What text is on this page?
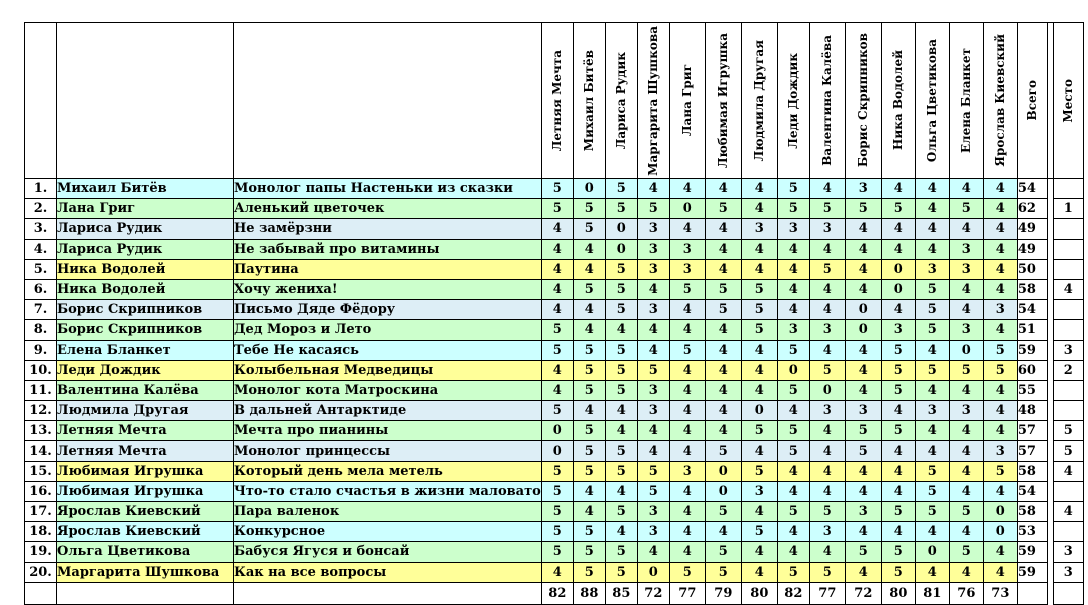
			Летняя Мечта	Михаил Битёв	Лариса Рудик	Маргарита Шушкова	Лана Григ	Любимая Игрушка	Людмила Другая	Леди Дождик	Валентина Калёва	Борис Скрипников	Ника Водолей	Ольга Цветикова	Елена Бланкет	Ярослав Киевский	Всего		Место

1.	Михаил Битёв	Монолог папы Настеньки из сказки	5	0	5	4	4	4	4	5	4	3	4	4	4	4	54		
2.	Лана Григ	Аленький цветочек	5	5	5	5	0	5	4	5	5	5	5	4	5	4	62		1
3.	Лариса Рудик	Не замёрзни	4	5	0	3	4	4	3	3	3	4	4	4	4	4	49		
4.	Лариса Рудик	Не забывай про витамины	4	4	0	3	3	4	4	4	4	4	4	4	3	4	49		
5.	Ника Водолей	Паутина	4	4	5	3	3	4	4	4	5	4	0	3	3	4	50		
6.	Ника Водолей	Хочу жениха!	4	5	5	4	5	5	5	4	4	4	0	5	4	4	58		4
7.	Борис Скрипников	Письмо Дяде Фёдору	4	4	5	3	4	5	5	4	4	0	4	5	4	3	54		
8.	Борис Скрипников	Дед Мороз и Лето	5	4	4	4	4	4	5	3	3	0	3	5	3	4	51		
9.	Елена Бланкет	Тебе Не касаясь	5	5	5	4	5	4	4	5	4	4	5	4	0	5	59		3
10.	Леди Дождик	Колыбельная Медведицы	4	5	5	5	4	4	4	0	5	4	5	5	5	5	60		2
11.	Валентина Калёва	Монолог кота Матроскина	4	5	5	3	4	4	4	5	0	4	5	4	4	4	55		
12.	Людмила Другая	В дальней Антарктиде	5	4	4	3	4	4	0	4	3	3	4	3	3	4	48		
13.	Летняя Мечта	Мечта про пианины	0	5	4	4	4	4	5	5	4	5	5	4	4	4	57		5
14.	Летняя Мечта	Монолог принцессы	0	5	5	4	4	5	4	5	4	5	4	4	4	3	57		5
15.	Любимая Игрушка	Который день мела метель	5	5	5	5	3	0	5	4	4	4	4	5	4	5	58		4
16.	Любимая Игрушка	Что-то стало счастья в жизни маловато	5	4	4	5	4	0	3	4	4	4	4	5	4	4	54		
17.	Ярослав Киевский	Пара валенок	5	4	5	3	4	5	4	5	5	3	5	5	5	0	58		4
18.	Ярослав Киевский	Конкурсное	5	5	4	3	4	4	5	4	3	4	4	4	4	0	53		
19.	Ольга Цветикова	Бабуся Ягуся и бонсай	5	5	5	4	4	5	4	4	4	5	5	0	5	4	59		3
20.	Маргарита Шушкова	Как на все вопросы	4	5	5	0	5	5	4	5	5	4	5	4	4	4	59		3
			82	88	85	72	77	79	80	82	77	72	80	81	76	73			
